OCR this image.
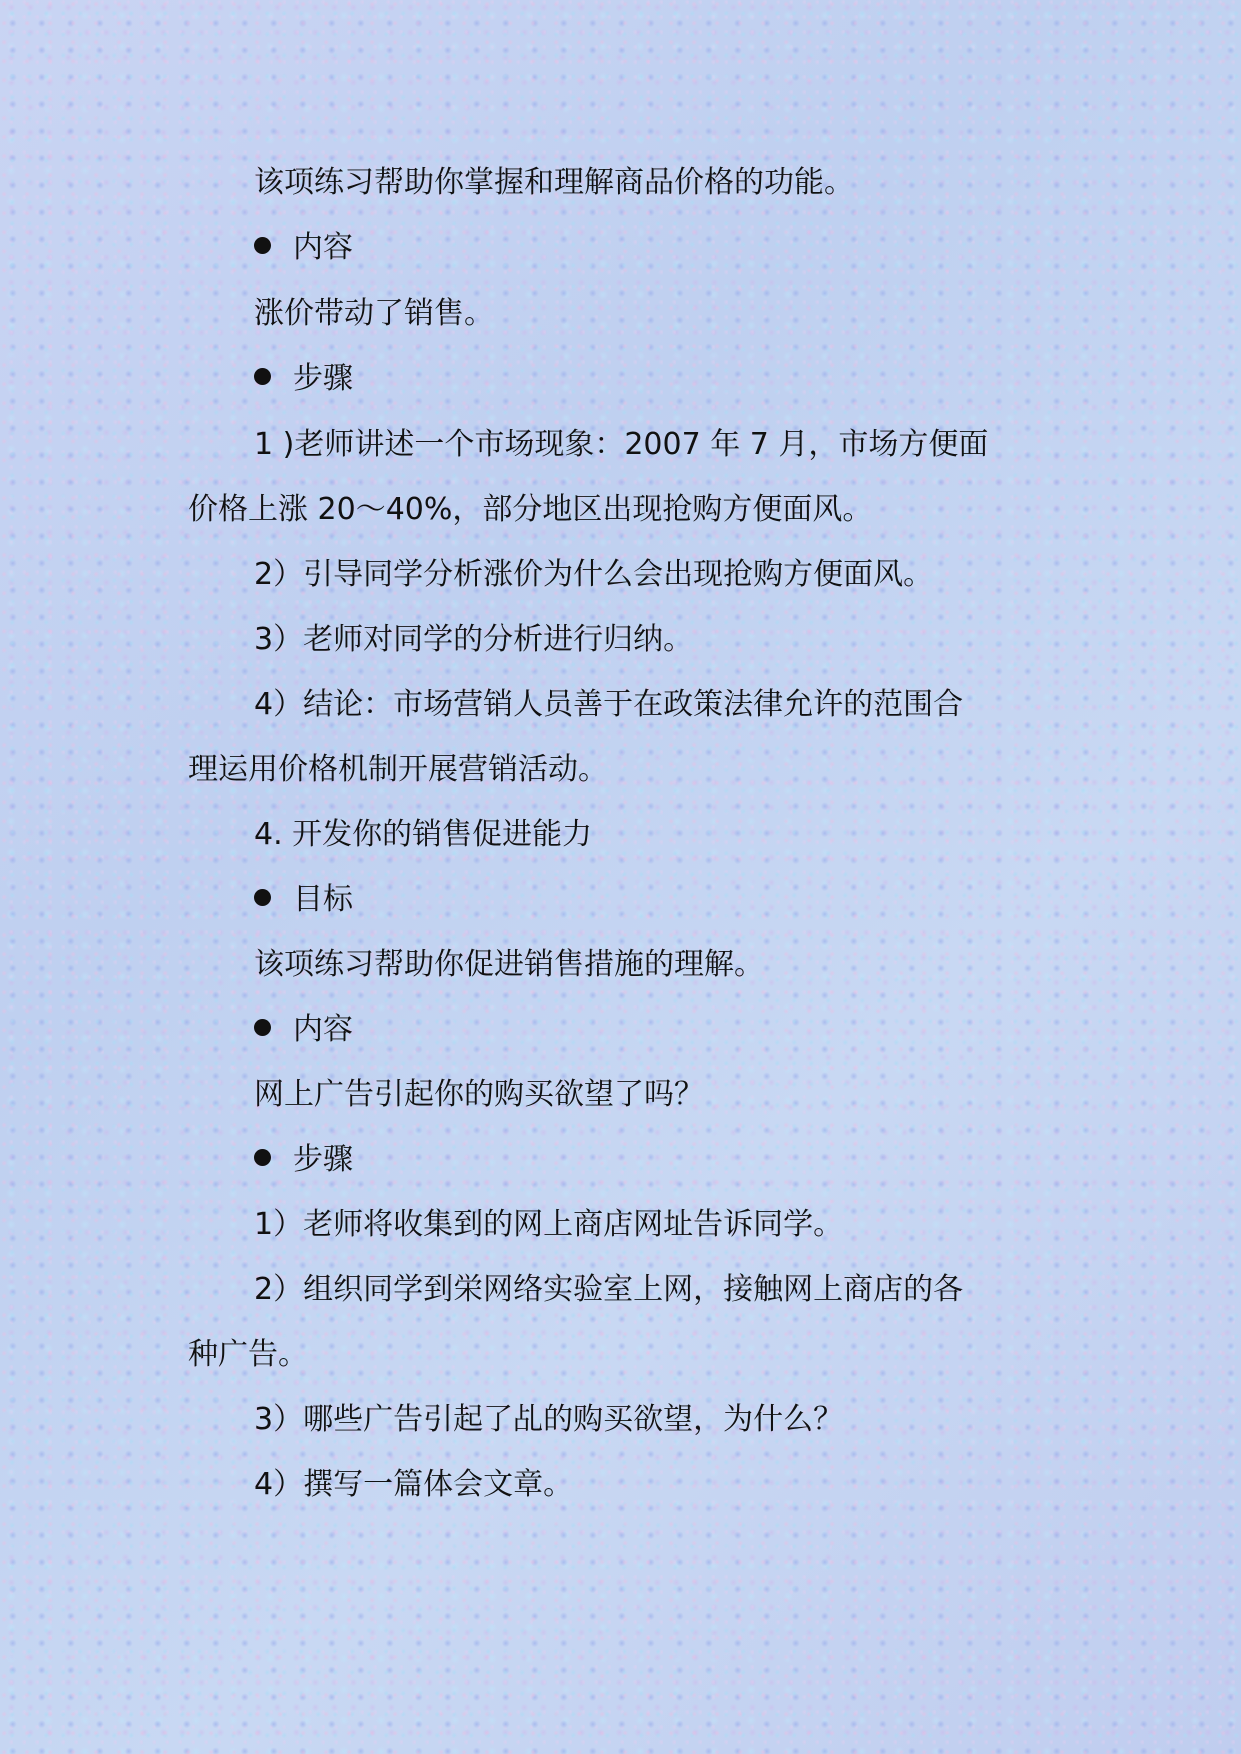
该项练习帮助你掌握和理解商品价格的功能。
内容
涨价带动了销售。
步骤
1 )老师讲述一个市场现象：2007 年 7 月，市场方便面
价格上涨 20～40%，部分地区出现抢购方便面风。
2）引导同学分析涨价为什么会出现抢购方便面风。
3）老师对同学的分析进行归纳。
4）结论：市场营销人员善于在政策法律允许的范围合
理运用价格机制开展营销活动。
4. 开发你的销售促进能力
目标
该项练习帮助你促进销售措施的理解。
内容
网上广告引起你的购买欲望了吗？
步骤
1）老师将收集到的网上商店网址告诉同学。
2）组织同学到栄网络实验室上网，接触网上商店的各
种广告。
3）哪些广告引起了乩的购买欲望，为什么？
4）撰写一篇体会文章。
